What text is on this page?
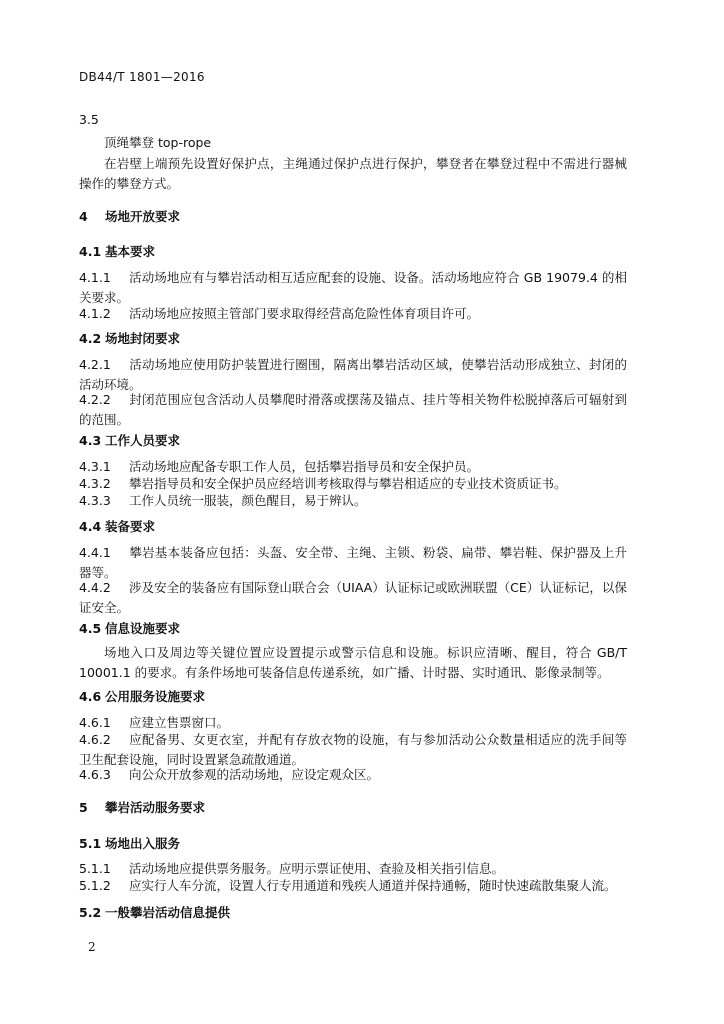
DB44/T 1801—2016
3.5
顶绳攀登 top-rope
在岩壁上端预先设置好保护点，主绳通过保护点进行保护，攀登者在攀登过程中不需进行器械操作的攀登方式。
4 场地开放要求
4.1 基本要求
4.1.1 活动场地应有与攀岩活动相互适应配套的设施、设备。活动场地应符合 GB 19079.4 的相关要求。
4.1.2 活动场地应按照主管部门要求取得经营高危险性体育项目许可。
4.2 场地封闭要求
4.2.1 活动场地应使用防护装置进行圈围，隔离出攀岩活动区域，使攀岩活动形成独立、封闭的活动环境。
4.2.2 封闭范围应包含活动人员攀爬时滑落或摆荡及锚点、挂片等相关物件松脱掉落后可辐射到的范围。
4.3 工作人员要求
4.3.1 活动场地应配备专职工作人员，包括攀岩指导员和安全保护员。
4.3.2 攀岩指导员和安全保护员应经培训考核取得与攀岩相适应的专业技术资质证书。
4.3.3 工作人员统一服装，颜色醒目，易于辨认。
4.4 装备要求
4.4.1 攀岩基本装备应包括：头盔、安全带、主绳、主锁、粉袋、扁带、攀岩鞋、保护器及上升器等。
4.4.2 涉及安全的装备应有国际登山联合会（UIAA）认证标记或欧洲联盟（CE）认证标记，以保证安全。
4.5 信息设施要求
场地入口及周边等关键位置应设置提示或警示信息和设施。标识应清晰、醒目，符合 GB/T 10001.1 的要求。有条件场地可装备信息传递系统，如广播、计时器、实时通讯、影像录制等。
4.6 公用服务设施要求
4.6.1 应建立售票窗口。
4.6.2 应配备男、女更衣室，并配有存放衣物的设施，有与参加活动公众数量相适应的洗手间等卫生配套设施，同时设置紧急疏散通道。
4.6.3 向公众开放参观的活动场地，应设定观众区。
5 攀岩活动服务要求
5.1 场地出入服务
5.1.1 活动场地应提供票务服务。应明示票证使用、查验及相关指引信息。
5.1.2 应实行人车分流，设置人行专用通道和残疾人通道并保持通畅，随时快速疏散集聚人流。
5.2 一般攀岩活动信息提供
2
